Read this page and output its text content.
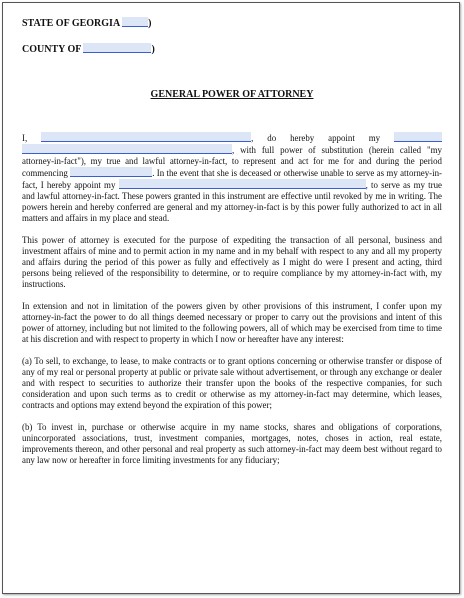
STATE OF GEORGIA	)

COUNTY OF	)

GENERAL POWER OF ATTORNEY

I,	, do hereby appoint my , with full power of substitution (herein called "my attorney-in-fact"), my true and lawful attorney-in-fact, to represent and act for me for and during the period commencing	. In the event that she is deceased or otherwise unable to serve as my attorney-in-fact, I hereby appoint my	, to serve as my true and lawful attorney-in-fact. These powers granted in this instrument are effective until revoked by me in writing. The powers herein and hereby conferred are general and my attorney-in-fact is by this power fully authorized to act in all matters and affairs in my place and stead.

This power of attorney is executed for the purpose of expediting the transaction of all personal, business and investment affairs of mine and to permit action in my name and in my behalf with respect to any and all my property and affairs during the period of this power as fully and effectively as I might do were I present and acting, third persons being relieved of the responsibility to determine, or to require compliance by my attorney-in-fact with, my instructions.

In extension and not in limitation of the powers given by other provisions of this instrument, I confer upon my attorney-in-fact the power to do all things deemed necessary or proper to carry out the provisions and intent of this power of attorney, including but not limited to the following powers, all of which may be exercised from time to time at his discretion and with respect to property in which I now or hereafter have any interest:

(a) To sell, to exchange, to lease, to make contracts or to grant options concerning or otherwise transfer or dispose of any of my real or personal property at public or private sale without advertisement, or through any exchange or dealer and with respect to securities to authorize their transfer upon the books of the respective companies, for such consideration and upon such terms as to credit or otherwise as my attorney-in-fact may determine, which leases, contracts and options may extend beyond the expiration of this power;

(b) To invest in, purchase or otherwise acquire in my name stocks, shares and obligations of corporations, unincorporated associations, trust, investment companies, mortgages, notes, choses in action, real estate, improvements thereon, and other personal and real property as such attorney-in-fact may deem best without regard to any law now or hereafter in force limiting investments for any fiduciary;
